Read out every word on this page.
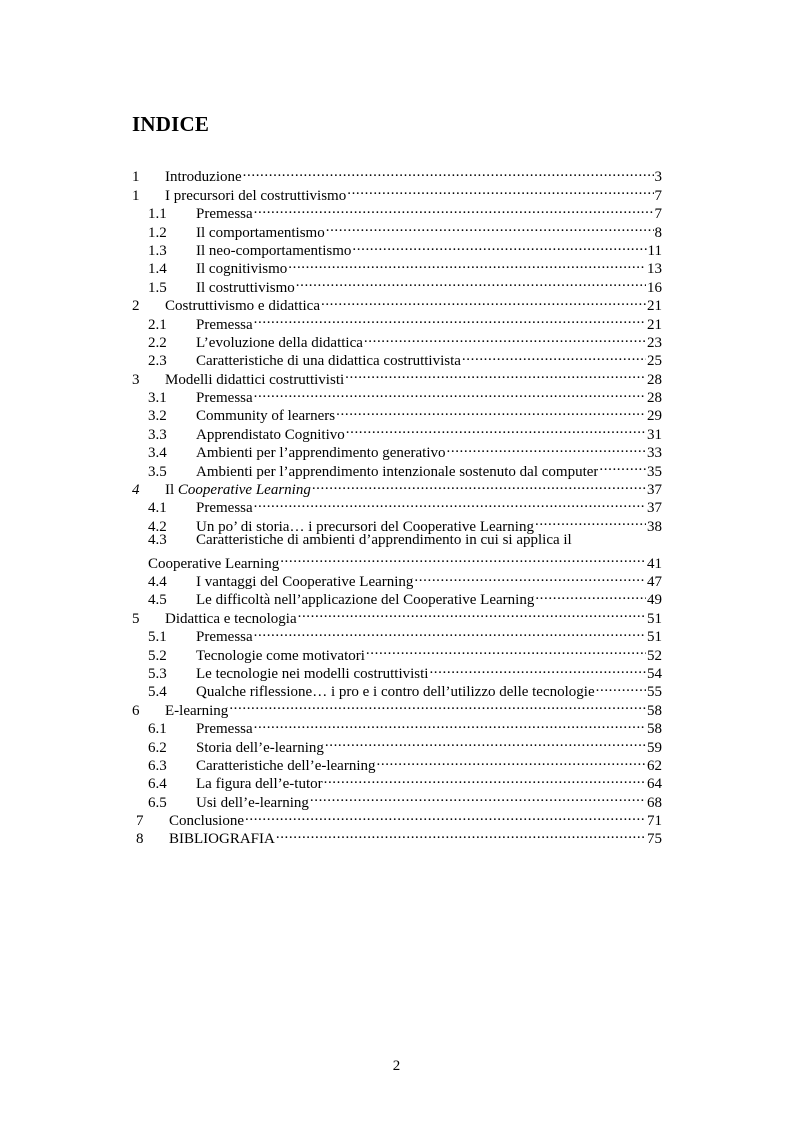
INDICE
1	Introduzione .....	3
1	I precursori del costruttivismo .....	7
1.1	Premessa .....	7
1.2	Il comportamentismo .....	8
1.3	Il neo-comportamentismo .....	11
1.4	Il cognitivismo .....	13
1.5	Il costruttivismo .....	16
2	Costruttivismo e didattica .....	21
2.1	Premessa .....	21
2.2	L’evoluzione della didattica .....	23
2.3	Caratteristiche di una didattica costruttivista .....	25
3	Modelli didattici costruttivisti .....	28
3.1	Premessa .....	28
3.2	Community of learners .....	29
3.3	Apprendistato Cognitivo .....	31
3.4	Ambienti per l’apprendimento generativo .....	33
3.5	Ambienti per l’apprendimento intenzionale sostenuto dal computer .....	35
4	Il Cooperative Learning .....	37
4.1	Premessa .....	37
4.2	Un po’ di storia… i precursori del Cooperative Learning .....	38
4.3 Caratteristiche di ambienti d’apprendimento in cui si applica il
Cooperative Learning .....	41
4.4	I vantaggi del Cooperative Learning .....	47
4.5	Le difficoltà nell’applicazione del Cooperative Learning .....	49
5	Didattica e tecnologia .....	51
5.1	Premessa .....	51
5.2	Tecnologie come motivatori .....	52
5.3	Le tecnologie nei modelli costruttivisti .....	54
5.4	Qualche riflessione… i pro e i contro dell’utilizzo delle tecnologie .....	55
6	E-learning .....	58
6.1	Premessa .....	58
6.2	Storia dell’e-learning .....	59
6.3	Caratteristiche dell’e-learning .....	62
6.4	La figura dell’e-tutor .....	64
6.5	Usi dell’e-learning .....	68
7	Conclusione .....	71
8	BIBLIOGRAFIA .....	75
2
